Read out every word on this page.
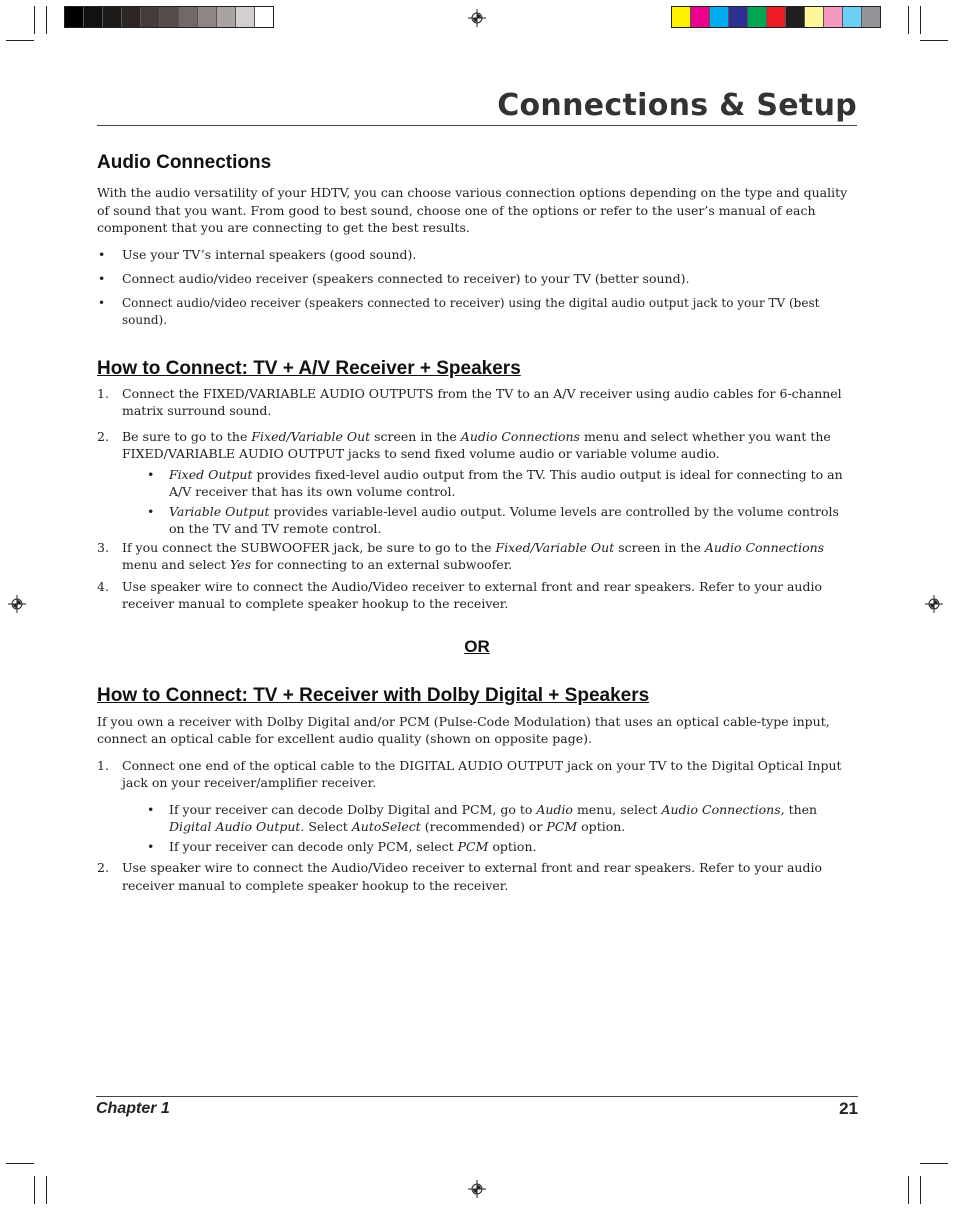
Connections & Setup
Audio Connections

With the audio versatility of your HDTV, you can choose various connection options depending on the type and quality of sound that you want. From good to best sound, choose one of the options or refer to the user’s manual of each component that you are connecting to get the best results.

• Use your TV’s internal speakers (good sound).
• Connect audio/video receiver (speakers connected to receiver) to your TV (better sound).
• Connect audio/video receiver (speakers connected to receiver) using the digital audio output jack to your TV (best sound).
How to Connect: TV + A/V Receiver + Speakers
1. Connect the FIXED/VARIABLE AUDIO OUTPUTS from the TV to an A/V receiver using audio cables for 6-channel matrix surround sound.
2. Be sure to go to the Fixed/Variable Out screen in the Audio Connections menu and select whether you want the FIXED/VARIABLE AUDIO OUTPUT jacks to send fixed volume audio or variable volume audio.
• Fixed Output provides fixed-level audio output from the TV. This audio output is ideal for connecting to an A/V receiver that has its own volume control.
• Variable Output provides variable-level audio output. Volume levels are controlled by the volume controls on the TV and TV remote control.
3. If you connect the SUBWOOFER jack, be sure to go to the Fixed/Variable Out screen in the Audio Connections menu and select Yes for connecting to an external subwoofer.
4. Use speaker wire to connect the Audio/Video receiver to external front and rear speakers. Refer to your audio receiver manual to complete speaker hookup to the receiver.
OR
How to Connect: TV + Receiver with Dolby Digital + Speakers

If you own a receiver with Dolby Digital and/or PCM (Pulse-Code Modulation) that uses an optical cable-type input, connect an optical cable for excellent audio quality (shown on opposite page).

1. Connect one end of the optical cable to the DIGITAL AUDIO OUTPUT jack on your TV to the Digital Optical Input jack on your receiver/amplifier receiver.
• If your receiver can decode Dolby Digital and PCM, go to Audio menu, select Audio Connections, then Digital Audio Output. Select AutoSelect (recommended) or PCM option.
• If your receiver can decode only PCM, select PCM option.
2. Use speaker wire to connect the Audio/Video receiver to external front and rear speakers. Refer to your audio receiver manual to complete speaker hookup to the receiver.
Chapter 1	21
